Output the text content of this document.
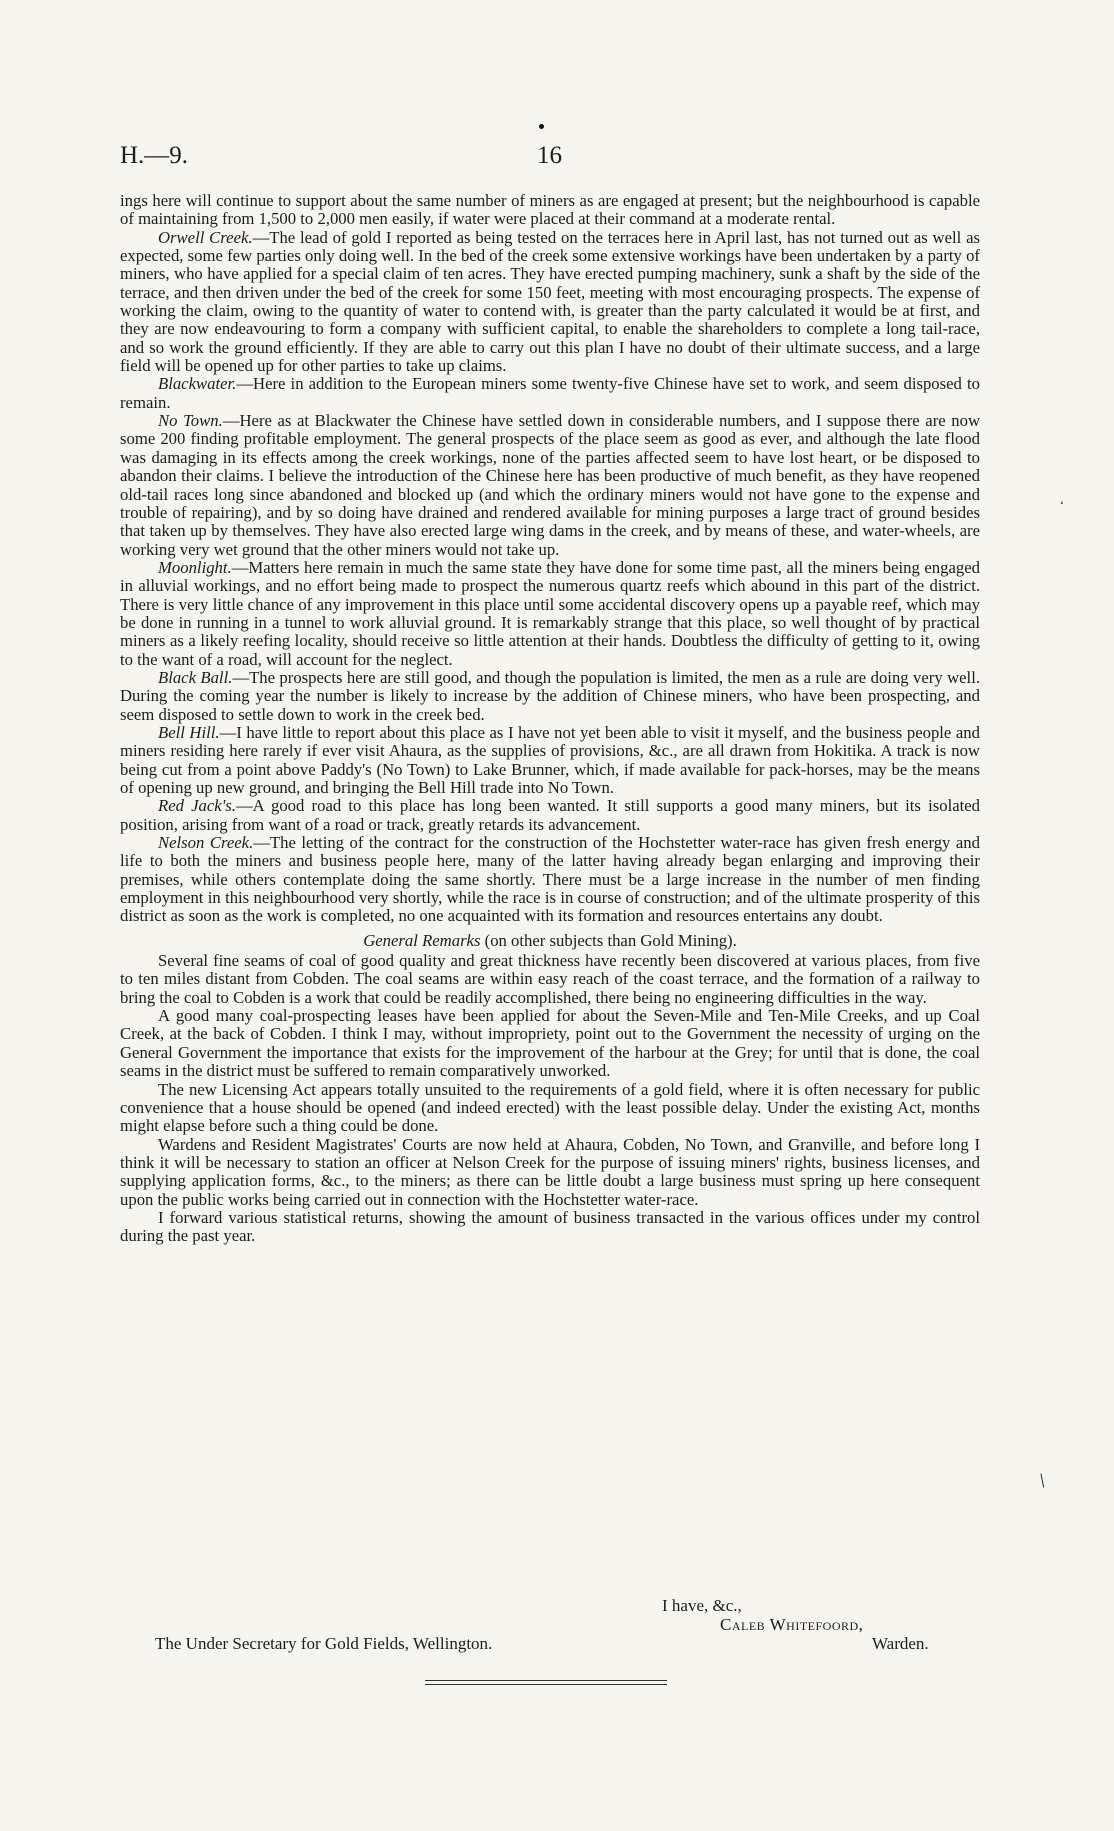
H.—9.	16

ings here will continue to support about the same number of miners as are engaged at present; but the neighbourhood is capable of maintaining from 1,500 to 2,000 men easily, if water were placed at their command at a moderate rental.

Orwell Creek.—The lead of gold I reported as being tested on the terraces here in April last, has not turned out as well as expected, some few parties only doing well. In the bed of the creek some extensive workings have been undertaken by a party of miners, who have applied for a special claim of ten acres. They have erected pumping machinery, sunk a shaft by the side of the terrace, and then driven under the bed of the creek for some 150 feet, meeting with most encouraging prospects. The expense of working the claim, owing to the quantity of water to contend with, is greater than the party calculated it would be at first, and they are now endeavouring to form a company with sufficient capital, to enable the shareholders to complete a long tail-race, and so work the ground efficiently. If they are able to carry out this plan I have no doubt of their ultimate success, and a large field will be opened up for other parties to take up claims.

Blackwater.—Here in addition to the European miners some twenty-five Chinese have set to work, and seem disposed to remain.

No Town.—Here as at Blackwater the Chinese have settled down in considerable numbers, and I suppose there are now some 200 finding profitable employment. The general prospects of the place seem as good as ever, and although the late flood was damaging in its effects among the creek workings, none of the parties affected seem to have lost heart, or be disposed to abandon their claims. I believe the introduction of the Chinese here has been productive of much benefit, as they have reopened old-tail races long since abandoned and blocked up (and which the ordinary miners would not have gone to the expense and trouble of repairing), and by so doing have drained and rendered available for mining purposes a large tract of ground besides that taken up by themselves. They have also erected large wing dams in the creek, and by means of these, and water-wheels, are working very wet ground that the other miners would not take up.

Moonlight.—Matters here remain in much the same state they have done for some time past, all the miners being engaged in alluvial workings, and no effort being made to prospect the numerous quartz reefs which abound in this part of the district. There is very little chance of any improvement in this place until some accidental discovery opens up a payable reef, which may be done in running in a tunnel to work alluvial ground. It is remarkably strange that this place, so well thought of by practical miners as a likely reefing locality, should receive so little attention at their hands. Doubtless the difficulty of getting to it, owing to the want of a road, will account for the neglect.

Black Ball.—The prospects here are still good, and though the population is limited, the men as a rule are doing very well. During the coming year the number is likely to increase by the addition of Chinese miners, who have been prospecting, and seem disposed to settle down to work in the creek bed.

Bell Hill.—I have little to report about this place as I have not yet been able to visit it myself, and the business people and miners residing here rarely if ever visit Ahaura, as the supplies of provisions, &c., are all drawn from Hokitika. A track is now being cut from a point above Paddy's (No Town) to Lake Brunner, which, if made available for pack-horses, may be the means of opening up new ground, and bringing the Bell Hill trade into No Town.

Red Jack's.—A good road to this place has long been wanted. It still supports a good many miners, but its isolated position, arising from want of a road or track, greatly retards its advancement.

Nelson Creek.—The letting of the contract for the construction of the Hochstetter water-race has given fresh energy and life to both the miners and business people here, many of the latter having already began enlarging and improving their premises, while others contemplate doing the same shortly. There must be a large increase in the number of men finding employment in this neighbourhood very shortly, while the race is in course of construction; and of the ultimate prosperity of this district as soon as the work is completed, no one acquainted with its formation and resources entertains any doubt.

General Remarks (on other subjects than Gold Mining).

Several fine seams of coal of good quality and great thickness have recently been discovered at various places, from five to ten miles distant from Cobden. The coal seams are within easy reach of the coast terrace, and the formation of a railway to bring the coal to Cobden is a work that could be readily accomplished, there being no engineering difficulties in the way.

A good many coal-prospecting leases have been applied for about the Seven-Mile and Ten-Mile Creeks, and up Coal Creek, at the back of Cobden. I think I may, without impropriety, point out to the Government the necessity of urging on the General Government the importance that exists for the improvement of the harbour at the Grey; for until that is done, the coal seams in the district must be suffered to remain comparatively unworked.

The new Licensing Act appears totally unsuited to the requirements of a gold field, where it is often necessary for public convenience that a house should be opened (and indeed erected) with the least possible delay. Under the existing Act, months might elapse before such a thing could be done.

Wardens and Resident Magistrates' Courts are now held at Ahaura, Cobden, No Town, and Granville, and before long I think it will be necessary to station an officer at Nelson Creek for the purpose of issuing miners' rights, business licenses, and supplying application forms, &c., to the miners; as there can be little doubt a large business must spring up here consequent upon the public works being carried out in connection with the Hochstetter water-race.

I forward various statistical returns, showing the amount of business transacted in the various offices under my control during the past year.

I have, &c.,
Caleb Whitefoord,
The Under Secretary for Gold Fields, Wellington.	Warden.
‘
/
